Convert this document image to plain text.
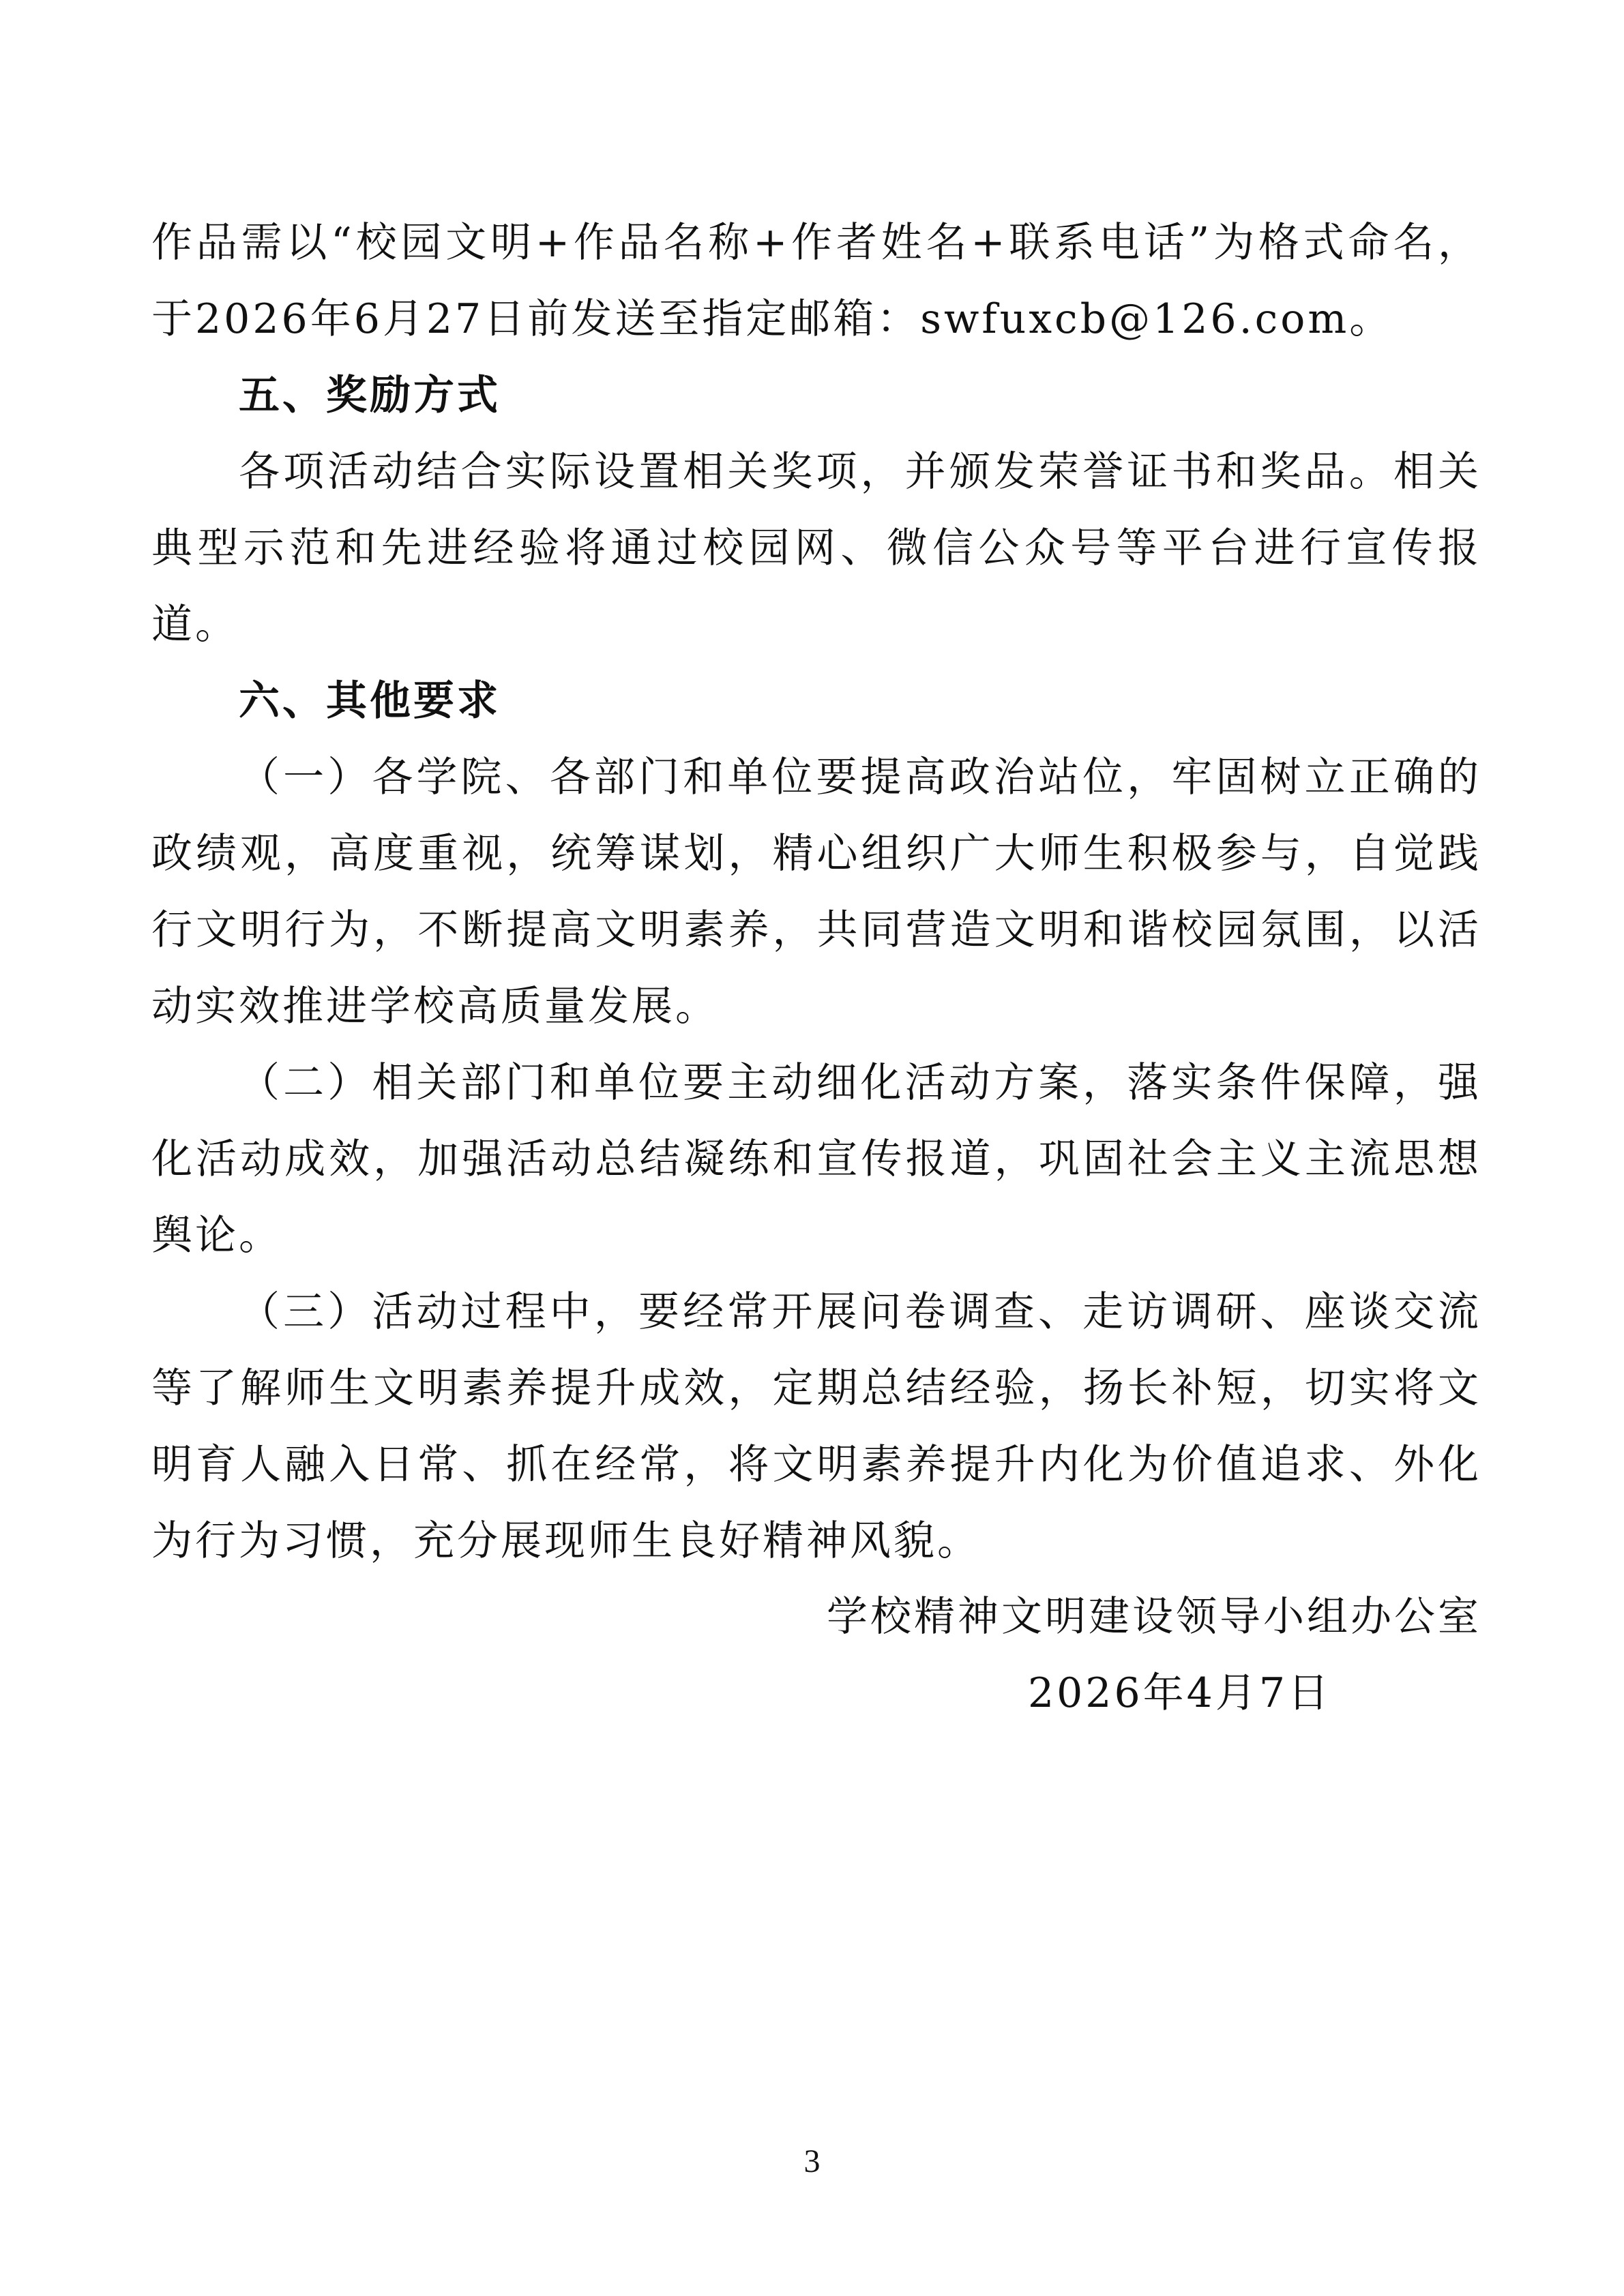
作品需以“校园文明+作品名称+作者姓名+联系电话”为格式命名，于2026年6月27日前发送至指定邮箱：swfuxcb@126.com。

五、奖励方式

各项活动结合实际设置相关奖项，并颁发荣誉证书和奖品。相关典型示范和先进经验将通过校园网、微信公众号等平台进行宣传报道。

六、其他要求

（一）各学院、各部门和单位要提高政治站位，牢固树立正确的政绩观，高度重视，统筹谋划，精心组织广大师生积极参与，自觉践行文明行为，不断提高文明素养，共同营造文明和谐校园氛围，以活动实效推进学校高质量发展。

（二）相关部门和单位要主动细化活动方案，落实条件保障，强化活动成效，加强活动总结凝练和宣传报道，巩固社会主义主流思想舆论。

（三）活动过程中，要经常开展问卷调查、走访调研、座谈交流等了解师生文明素养提升成效，定期总结经验，扬长补短，切实将文明育人融入日常、抓在经常，将文明素养提升内化为价值追求、外化为行为习惯，充分展现师生良好精神风貌。

学校精神文明建设领导小组办公室

2026年4月7日

3
